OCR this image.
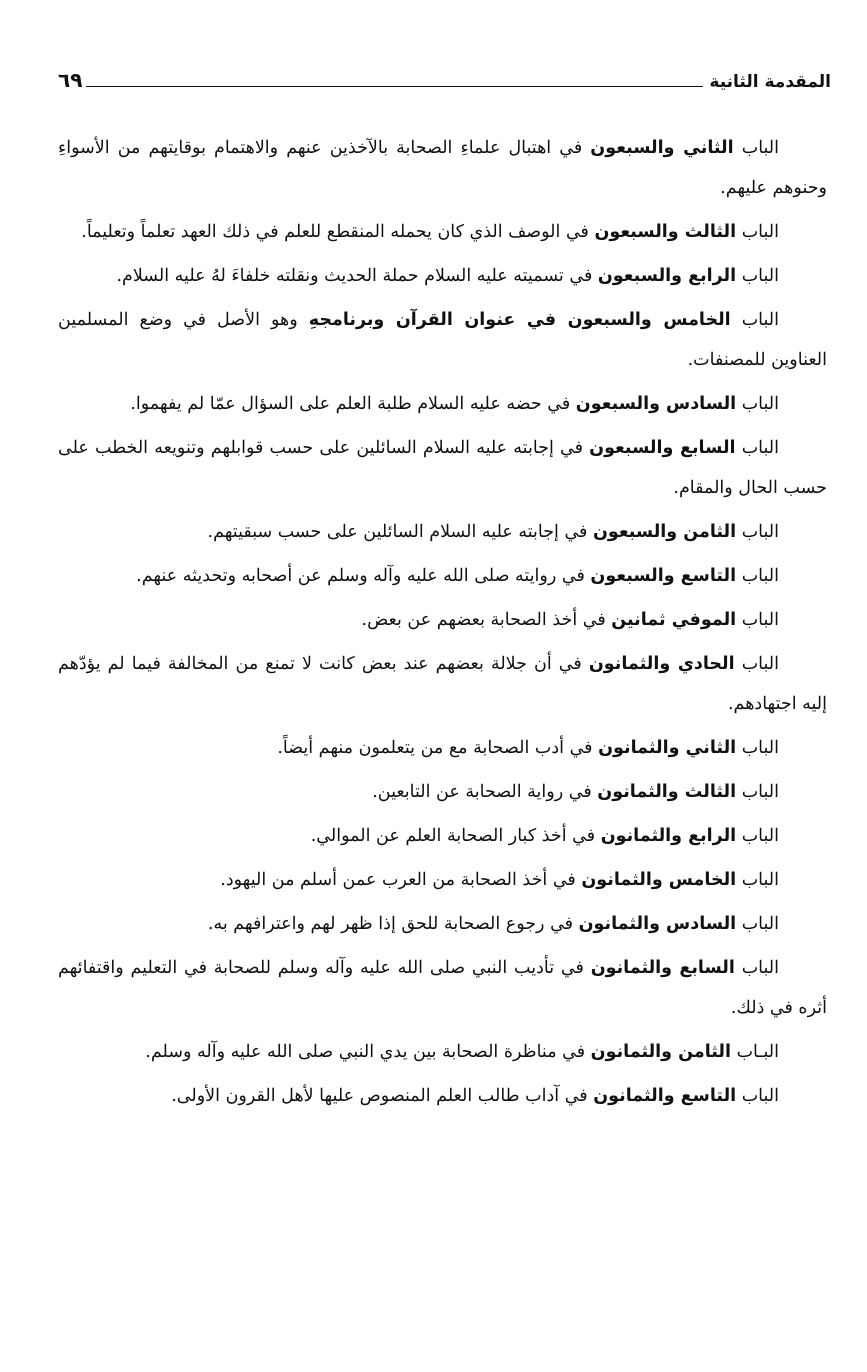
المقدمة الثانية
٦٩

الباب الثاني والسبعون في اهتبال علماءِ الصحابة بالآخذين عنهم والاهتمام بوقايتهم من الأسواءِ وحنوهم عليهم.

الباب الثالث والسبعون في الوصف الذي كان يحمله المنقطع للعلم في ذلك العهد تعلماً وتعليماً.

الباب الرابع والسبعون في تسميته عليه السلام حملة الحديث ونقلته خلفاءَ لهُ عليه السلام.

الباب الخامس والسبعون في عنوان القرآن وبرنامجهِ وهو الأصل في وضع المسلمين العناوين للمصنفات.

الباب السادس والسبعون في حضه عليه السلام طلبة العلم على السؤال عمّا لم يفهموا.

الباب السابع والسبعون في إجابته عليه السلام السائلين على حسب قوابلهم وتنويعه الخطب على حسب الحال والمقام.

الباب الثامن والسبعون في إجابته عليه السلام السائلين على حسب سبقيتهم.

الباب التاسع والسبعون في روايته صلى الله عليه وآله وسلم عن أصحابه وتحديثه عنهم.

الباب الموفي ثمانين في أخذ الصحابة بعضهم عن بعض.

الباب الحادي والثمانون في أن جلالة بعضهم عند بعض كانت لا تمنع من المخالفة فيما لم يؤدّهم إليه اجتهادهم.

الباب الثاني والثمانون في أدب الصحابة مع من يتعلمون منهم أيضاً.

الباب الثالث والثمانون في رواية الصحابة عن التابعين.

الباب الرابع والثمانون في أخذ كبار الصحابة العلم عن الموالي.

الباب الخامس والثمانون في أخذ الصحابة من العرب عمن أسلم من اليهود.

الباب السادس والثمانون في رجوع الصحابة للحق إذا ظهر لهم واعترافهم به.

الباب السابع والثمانون في تأديب النبي صلى الله عليه وآله وسلم للصحابة في التعليم واقتفائهم أثره في ذلك.

البـاب الثامن والثمانون في مناظرة الصحابة بين يدي النبي صلى الله عليه وآله وسلم.

الباب التاسع والثمانون في آداب طالب العلم المنصوص عليها لأهل القرون الأولى.
